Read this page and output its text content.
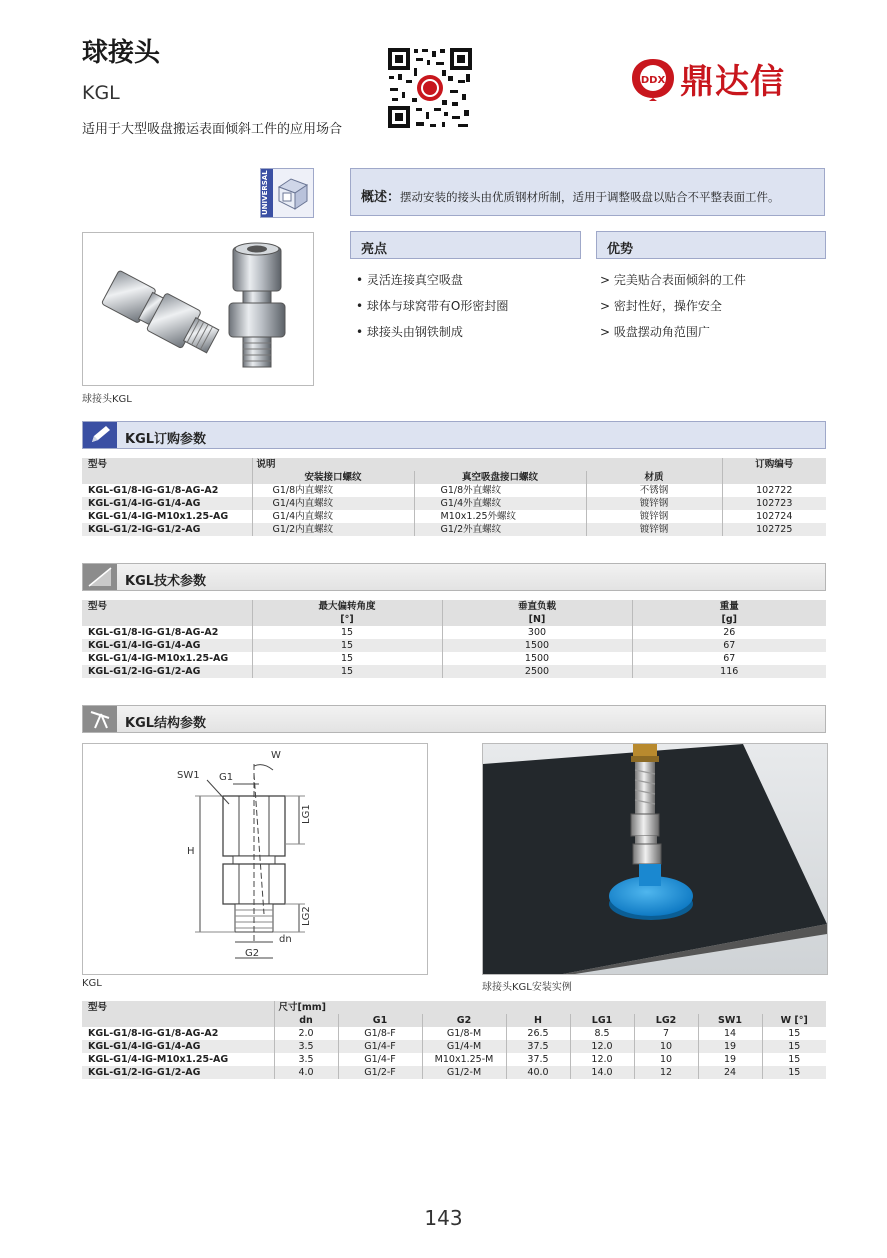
球接头
KGL
适用于大型吸盘搬运表面倾斜工件的应用场合
DDX 鼎达信
UNIVERSAL
球接头KGL
概述：摆动安装的接头由优质钢材所制，适用于调整吸盘以贴合不平整表面工件。
亮点	优势
• 灵活连接真空吸盘
• 球体与球窝带有O形密封圈
• 球接头由钢铁制成
> 完美贴合表面倾斜的工件
> 密封性好，操作安全
> 吸盘摆动角范围广
KGL订购参数
型号	说明			订购编号
	安装接口螺纹	真空吸盘接口螺纹	材质	
KGL-G1/8-IG-G1/8-AG-A2	G1/8内直螺纹	G1/8外直螺纹	不锈钢	102722
KGL-G1/4-IG-G1/4-AG	G1/4内直螺纹	G1/4外直螺纹	镀锌钢	102723
KGL-G1/4-IG-M10x1.25-AG	G1/4内直螺纹	M10x1.25外螺纹	镀锌钢	102724
KGL-G1/2-IG-G1/2-AG	G1/2内直螺纹	G1/2外直螺纹	镀锌钢	102725
KGL技术参数
型号	最大偏转角度	垂直负载	重量
	[°]	[N]	[g]
KGL-G1/8-IG-G1/8-AG-A2	15	300	26
KGL-G1/4-IG-G1/4-AG	15	1500	67
KGL-G1/4-IG-M10x1.25-AG	15	1500	67
KGL-G1/2-IG-G1/2-AG	15	2500	116
KGL结构参数
W
SW1 G1
LG1
H
LG2
dn
G2
KGL	球接头KGL安装实例
型号	尺寸[mm]							
	dn	G1	G2	H	LG1	LG2	SW1	W [°]
KGL-G1/8-IG-G1/8-AG-A2	2.0	G1/8-F	G1/8-M	26.5	8.5	7	14	15
KGL-G1/4-IG-G1/4-AG	3.5	G1/4-F	G1/4-M	37.5	12.0	10	19	15
KGL-G1/4-IG-M10x1.25-AG	3.5	G1/4-F	M10x1.25-M	37.5	12.0	10	19	15
KGL-G1/2-IG-G1/2-AG	4.0	G1/2-F	G1/2-M	40.0	14.0	12	24	15
143
